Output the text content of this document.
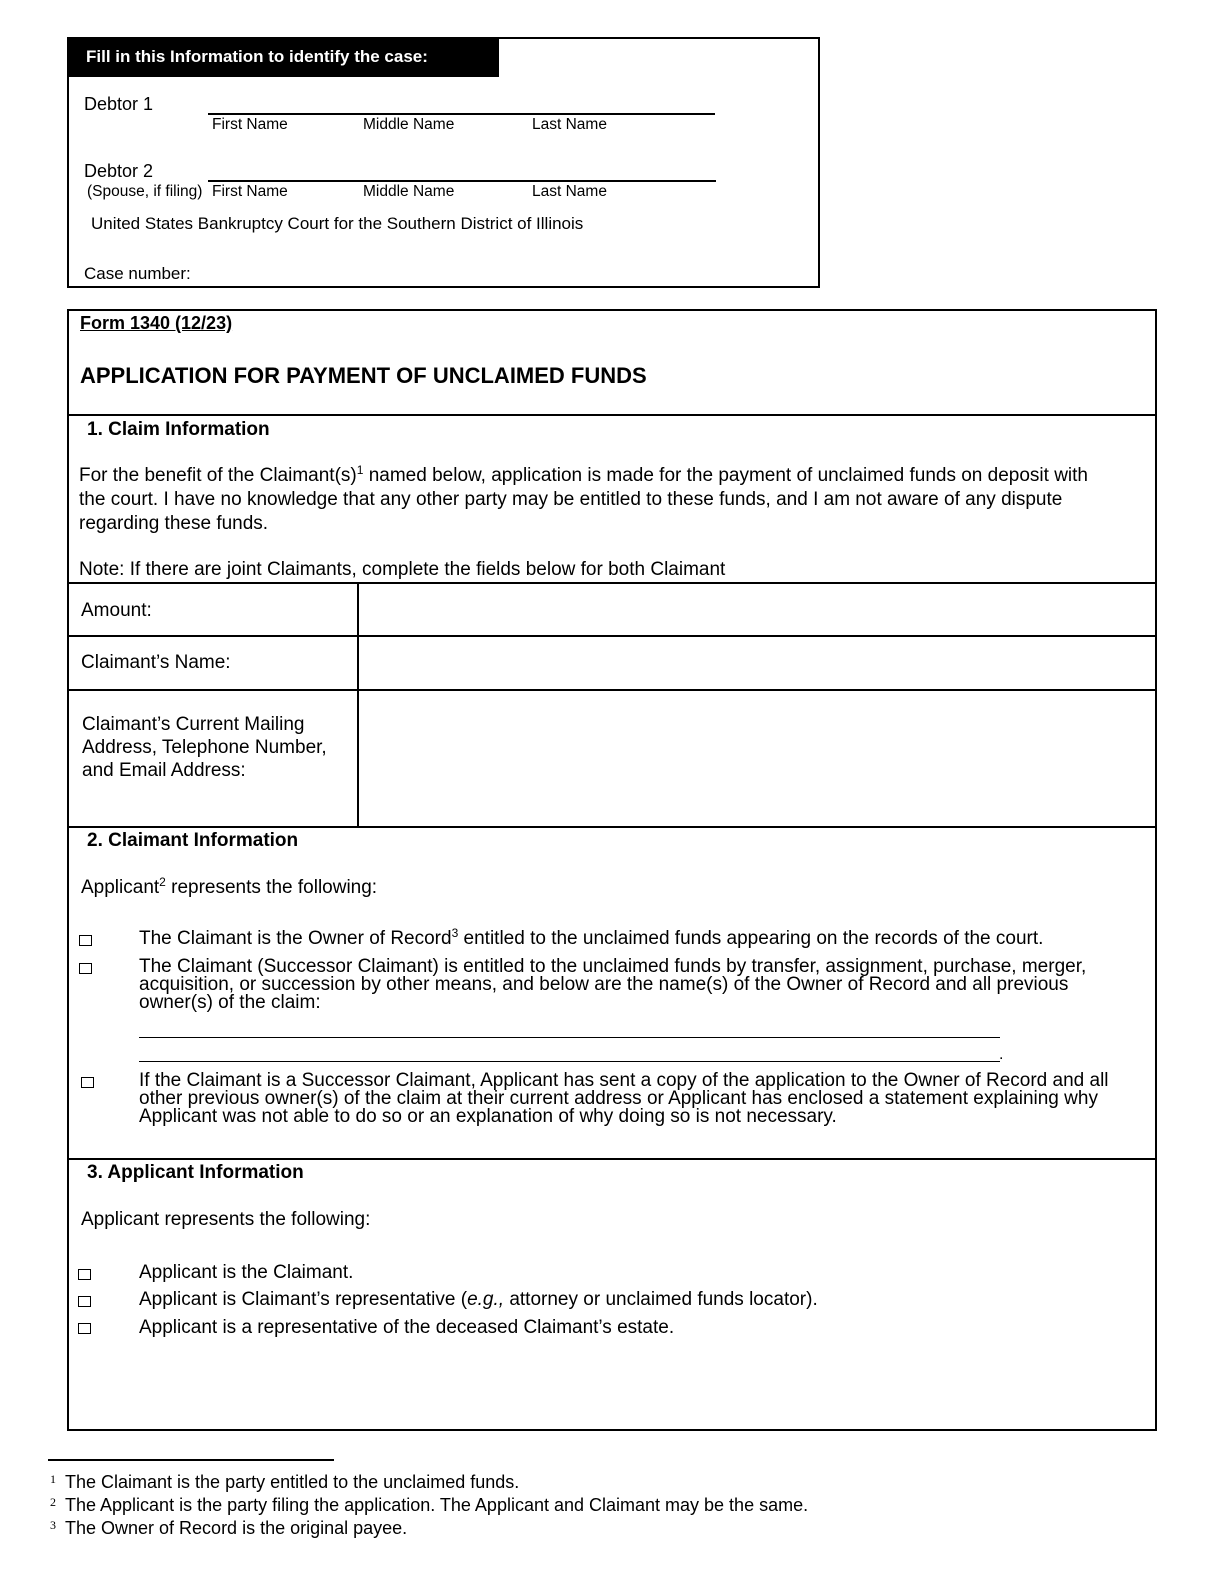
Fill in this Information to identify the case:
Debtor 1
First Name	Middle Name	Last Name
Debtor 2
(Spouse, if filing) First Name	Middle Name	Last Name
United States Bankruptcy Court for the Southern District of Illinois
Case number:
Form 1340 (12/23)
APPLICATION FOR PAYMENT OF UNCLAIMED FUNDS
1. Claim Information
For the benefit of the $Claimant(s)^1$ named below, application is made for the payment of unclaimed funds on deposit with
the court. I have no knowledge that any other party may be entitled to these funds, and I am not aware of any dispute
regarding these funds.
Note: If there are joint Claimants, complete the fields below for both Claimant
Amount:
Claimant’s Name:
Claimant’s Current Mailing
Address, Telephone Number,
and Email Address:
2. Claimant Information
Applicant$^2$ represents the following:
The Claimant is the Owner of Record$^3$ entitled to the unclaimed funds appearing on the records of the court.
The Claimant (Successor Claimant) is entitled to the unclaimed funds by transfer, assignment, purchase, merger,
acquisition, or succession by other means, and below are the name(s) of the Owner of Record and all previous
owner(s) of the claim:
.
If the Claimant is a Successor Claimant, Applicant has sent a copy of the application to the Owner of Record and all
other previous owner(s) of the claim at their current address or Applicant has enclosed a statement explaining why
Applicant was not able to do so or an explanation of why doing so is not necessary.
3. Applicant Information
Applicant represents the following:
Applicant is the Claimant.
Applicant is Claimant’s representative (e.g., attorney or unclaimed funds locator).
Applicant is a representative of the deceased Claimant’s estate.
1 The Claimant is the party entitled to the unclaimed funds.
2 The Applicant is the party filing the application. The Applicant and Claimant may be the same.
3 The Owner of Record is the original payee.
